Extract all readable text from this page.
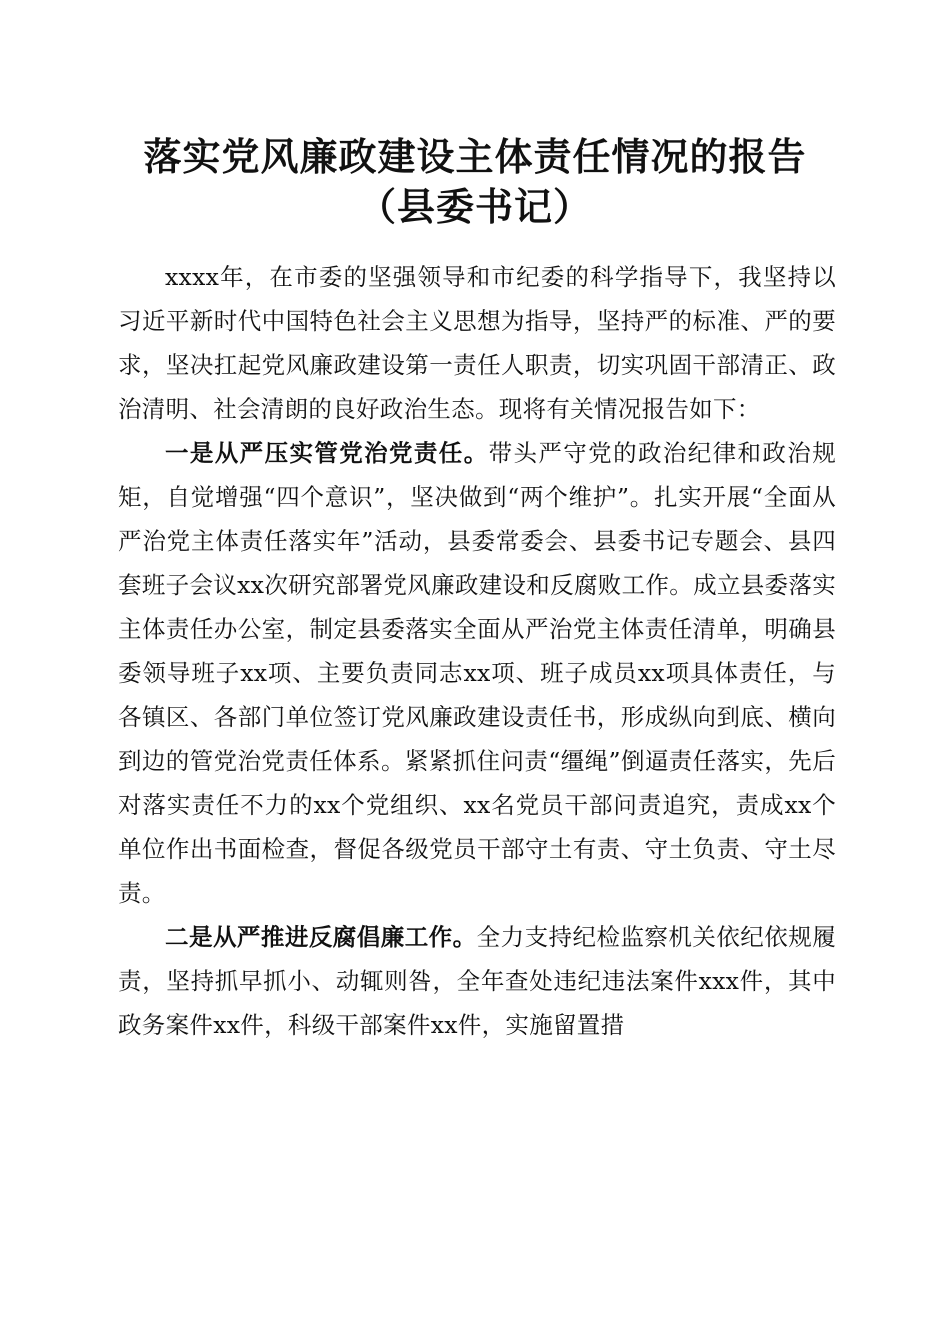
落实党风廉政建设主体责任情况的报告（县委书记）

xxxx年，在市委的坚强领导和市纪委的科学指导下，我坚持以习近平新时代中国特色社会主义思想为指导，坚持严的标准、严的要求，坚决扛起党风廉政建设第一责任人职责，切实巩固干部清正、政治清明、社会清朗的良好政治生态。现将有关情况报告如下：

一是从严压实管党治党责任。带头严守党的政治纪律和政治规矩，自觉增强“四个意识”，坚决做到“两个维护”。扎实开展“全面从严治党主体责任落实年”活动，县委常委会、县委书记专题会、县四套班子会议xx次研究部署党风廉政建设和反腐败工作。成立县委落实主体责任办公室，制定县委落实全面从严治党主体责任清单，明确县委领导班子xx项、主要负责同志xx项、班子成员xx项具体责任，与各镇区、各部门单位签订党风廉政建设责任书，形成纵向到底、横向到边的管党治党责任体系。紧紧抓住问责“缰绳”倒逼责任落实，先后对落实责任不力的xx个党组织、xx名党员干部问责追究，责成xx个单位作出书面检查，督促各级党员干部守土有责、守土负责、守土尽责。

二是从严推进反腐倡廉工作。全力支持纪检监察机关依纪依规履责，坚持抓早抓小、动辄则咎，全年查处违纪违法案件xxx件，其中政务案件xx件，科级干部案件xx件，实施留置措
